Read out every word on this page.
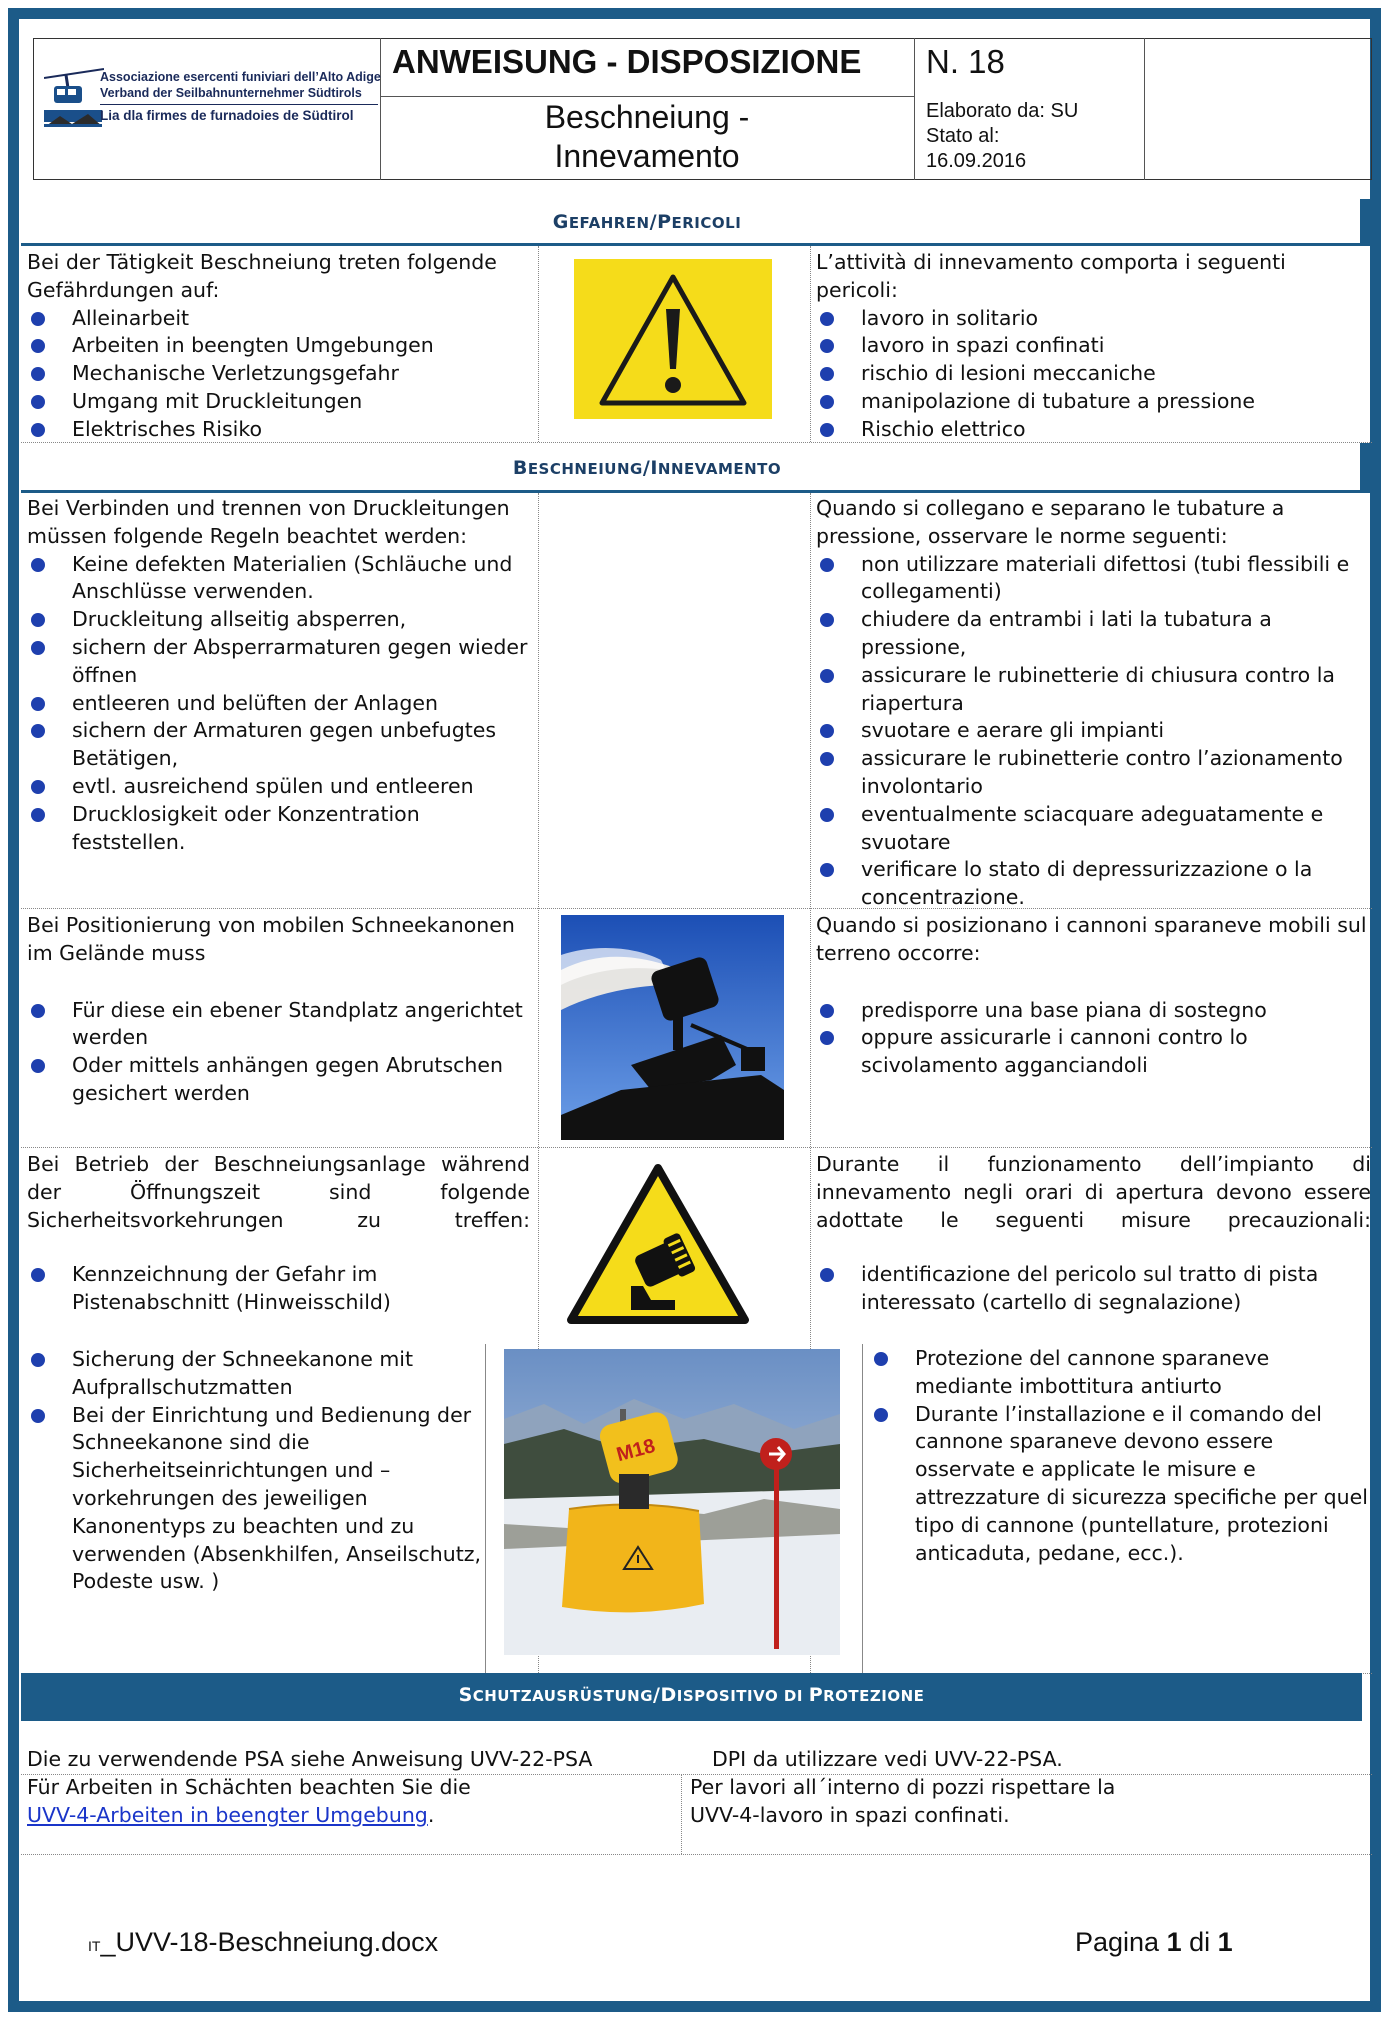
Associazione esercenti funiviari dell’Alto Adige
Verband der Seilbahnunternehmer Südtirols
Lia dla firmes de furnadoies de Südtirol
ANWEISUNG - DISPOSIZIONE N. 18
Beschneiung -
Innevamento
Elaborato da: SU
Stato al:
16.09.2016
GEFAHREN/PERICOLI

Bei der Tätigkeit Beschneiung treten folgende Gefährdungen auf:

Alleinarbeit
Arbeiten in beengten Umgebungen
Mechanische Verletzungsgefahr
Umgang mit Druckleitungen
Elektrisches Risiko

L’attività di innevamento comporta i seguenti pericoli:

lavoro in solitario
lavoro in spazi confinati
rischio di lesioni meccaniche
manipolazione di tubature a pressione
Rischio elettrico
BESCHNEIUNG/INNEVAMENTO

Bei Verbinden und trennen von Druckleitungen müssen folgende Regeln beachtet werden:

Keine defekten Materialien (Schläuche und Anschlüsse verwenden.
Druckleitung allseitig absperren,
sichern der Absperrarmaturen gegen wieder öffnen
entleeren und belüften der Anlagen
sichern der Armaturen gegen unbefugtes Betätigen,
evtl. ausreichend spülen und entleeren
Drucklosigkeit oder Konzentration feststellen.

Quando si collegano e separano le tubature a pressione, osservare le norme seguenti:

non utilizzare materiali difettosi (tubi flessibili e collegamenti)
chiudere da entrambi i lati la tubatura a pressione,
assicurare le rubinetterie di chiusura contro la riapertura
svuotare e aerare gli impianti
assicurare le rubinetterie contro l’azionamento involontario
eventualmente sciacquare adeguatamente e svuotare
verificare lo stato di depressurizzazione o la concentrazione.

Bei Positionierung von mobilen Schneekanonen im Gelände muss

Für diese ein ebener Standplatz angerichtet werden
Oder mittels anhängen gegen Abrutschen gesichert werden

Quando si posizionano i cannoni sparaneve mobili sul terreno occorre:

predisporre una base piana di sostegno
oppure assicurarle i cannoni contro lo scivolamento agganciandoli

Bei Betrieb der Beschneiungsanlage während der Öffnungszeit sind folgende Sicherheitsvorkehrungen zu treffen:

Kennzeichnung der Gefahr im Pistenabschnitt (Hinweisschild)
Sicherung der Schneekanone mit Aufprallschutzmatten
Bei der Einrichtung und Bedienung der Schneekanone sind die Sicherheitseinrichtungen und –vorkehrungen des jeweiligen Kanonentyps zu beachten und zu verwenden (Absenkhilfen, Anseilschutz, Podeste usw. )
M18

Durante il funzionamento dell’impianto di innevamento negli orari di apertura devono essere adottate le seguenti misure precauzionali:

identificazione del pericolo sul tratto di pista interessato (cartello di segnalazione)
Protezione del cannone sparaneve mediante imbottitura antiurto
Durante l’installazione e il comando del cannone sparaneve devono essere osservate e applicate le misure e attrezzature di sicurezza specifiche per quel tipo di cannone (puntellature, protezioni anticaduta, pedane, ecc.).
SCHUTZAUSRÜSTUNG/DISPOSITIVO DI PROTEZIONE
Die zu verwendende PSA siehe Anweisung UVV-22-PSA	DPI da utilizzare vedi UVV-22-PSA.

Für Arbeiten in Schächten beachten Sie die

UVV-4-Arbeiten in beengter Umgebung.

Per lavori all´interno di pozzi rispettare la

UVV-4-lavoro in spazi confinati.

IT_UVV-18-Beschneiung.docx	Pagina 1 di 1
